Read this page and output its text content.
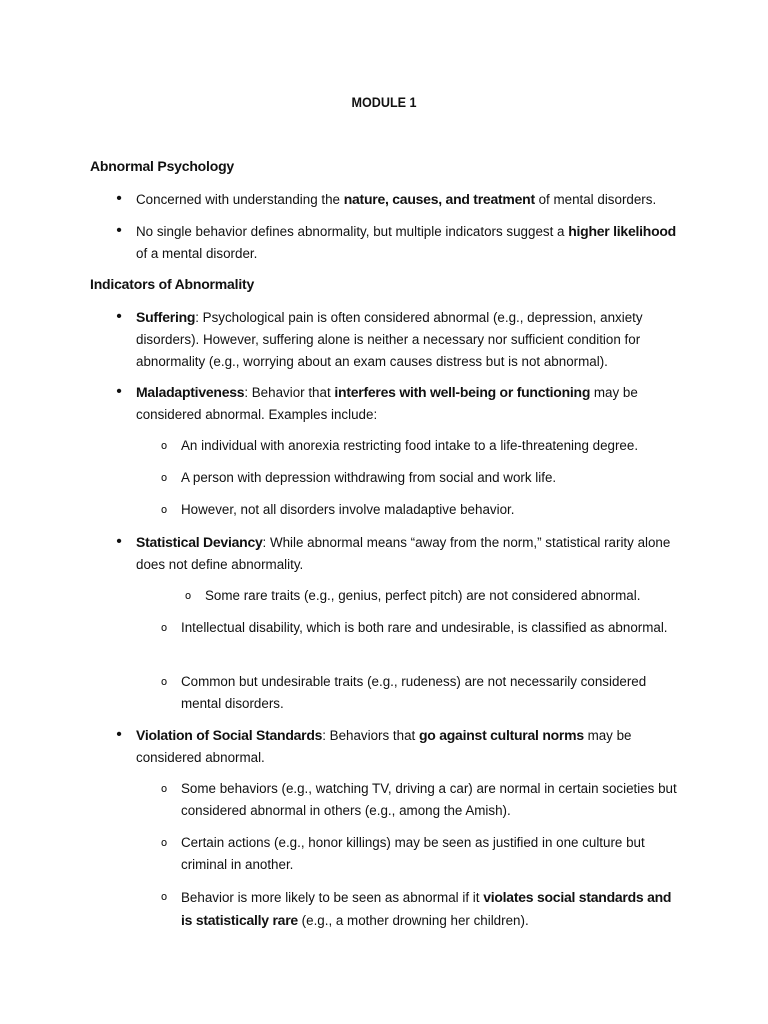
MODULE 1
Abnormal Psychology
• Concerned with understanding the nature, causes, and treatment of mental disorders.
• No single behavior defines abnormality, but multiple indicators suggest a higher likelihood of a mental disorder.
Indicators of Abnormality
• Suffering: Psychological pain is often considered abnormal (e.g., depression, anxiety disorders). However, suffering alone is neither a necessary nor sufficient condition for abnormality (e.g., worrying about an exam causes distress but is not abnormal).
• Maladaptiveness: Behavior that interferes with well-being or functioning may be considered abnormal. Examples include:
o An individual with anorexia restricting food intake to a life-threatening degree.
o A person with depression withdrawing from social and work life.
o However, not all disorders involve maladaptive behavior.
• Statistical Deviancy: While abnormal means “away from the norm,” statistical rarity alone does not define abnormality.
o Some rare traits (e.g., genius, perfect pitch) are not considered abnormal.
o Intellectual disability, which is both rare and undesirable, is classified as abnormal.
o Common but undesirable traits (e.g., rudeness) are not necessarily considered mental disorders.
• Violation of Social Standards: Behaviors that go against cultural norms may be considered abnormal.
o Some behaviors (e.g., watching TV, driving a car) are normal in certain societies but considered abnormal in others (e.g., among the Amish).
o Certain actions (e.g., honor killings) may be seen as justified in one culture but criminal in another.
o Behavior is more likely to be seen as abnormal if it violates social standards and is statistically rare (e.g., a mother drowning her children).
